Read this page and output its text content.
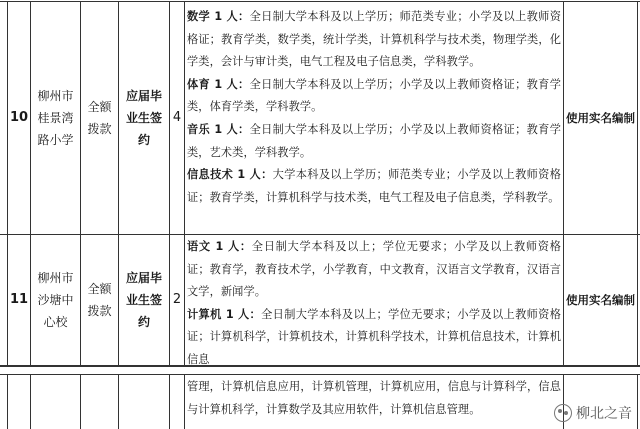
10
柳州市桂景湾路小学
全额拨款
应届毕业生签约
4
数学 1 人：全日制大学本科及以上学历；师范类专业；小学及以上教师资格证；教育学类，数学类，统计学类，计算机科学与技术类，物理学类，化学类，会计与审计类，电气工程及电子信息类，学科教学。
体育 1 人：全日制大学本科及以上学历；小学及以上教师资格证；教育学类，体育学类，学科教学。
音乐 1 人：全日制大学本科及以上学历；小学及以上教师资格证；教育学类，艺术类，学科教学。
信息技术 1 人：大学本科及以上学历；师范类专业；小学及以上教师资格证；教育学类，计算机科学与技术类，电气工程及电子信息类，学科教学。
使用实名编制
11
柳州市沙塘中心校
全额拨款
应届毕业生签约
2
语文 1 人：全日制大学本科及以上；学位无要求；小学及以上教师资格证；教育学，教育技术学，小学教育，中文教育，汉语言文学教育，汉语言文学，新闻学。
计算机 1 人：全日制大学本科及以上；学位无要求；小学及以上教师资格证；计算机科学，计算机技术，计算机科学技术，计算机信息技术，计算机信息
使用实名编制
管理，计算机信息应用，计算机管理，计算机应用，信息与计算科学，信息与计算机科学，计算数学及其应用软件，计算机信息管理。	柳北之音
